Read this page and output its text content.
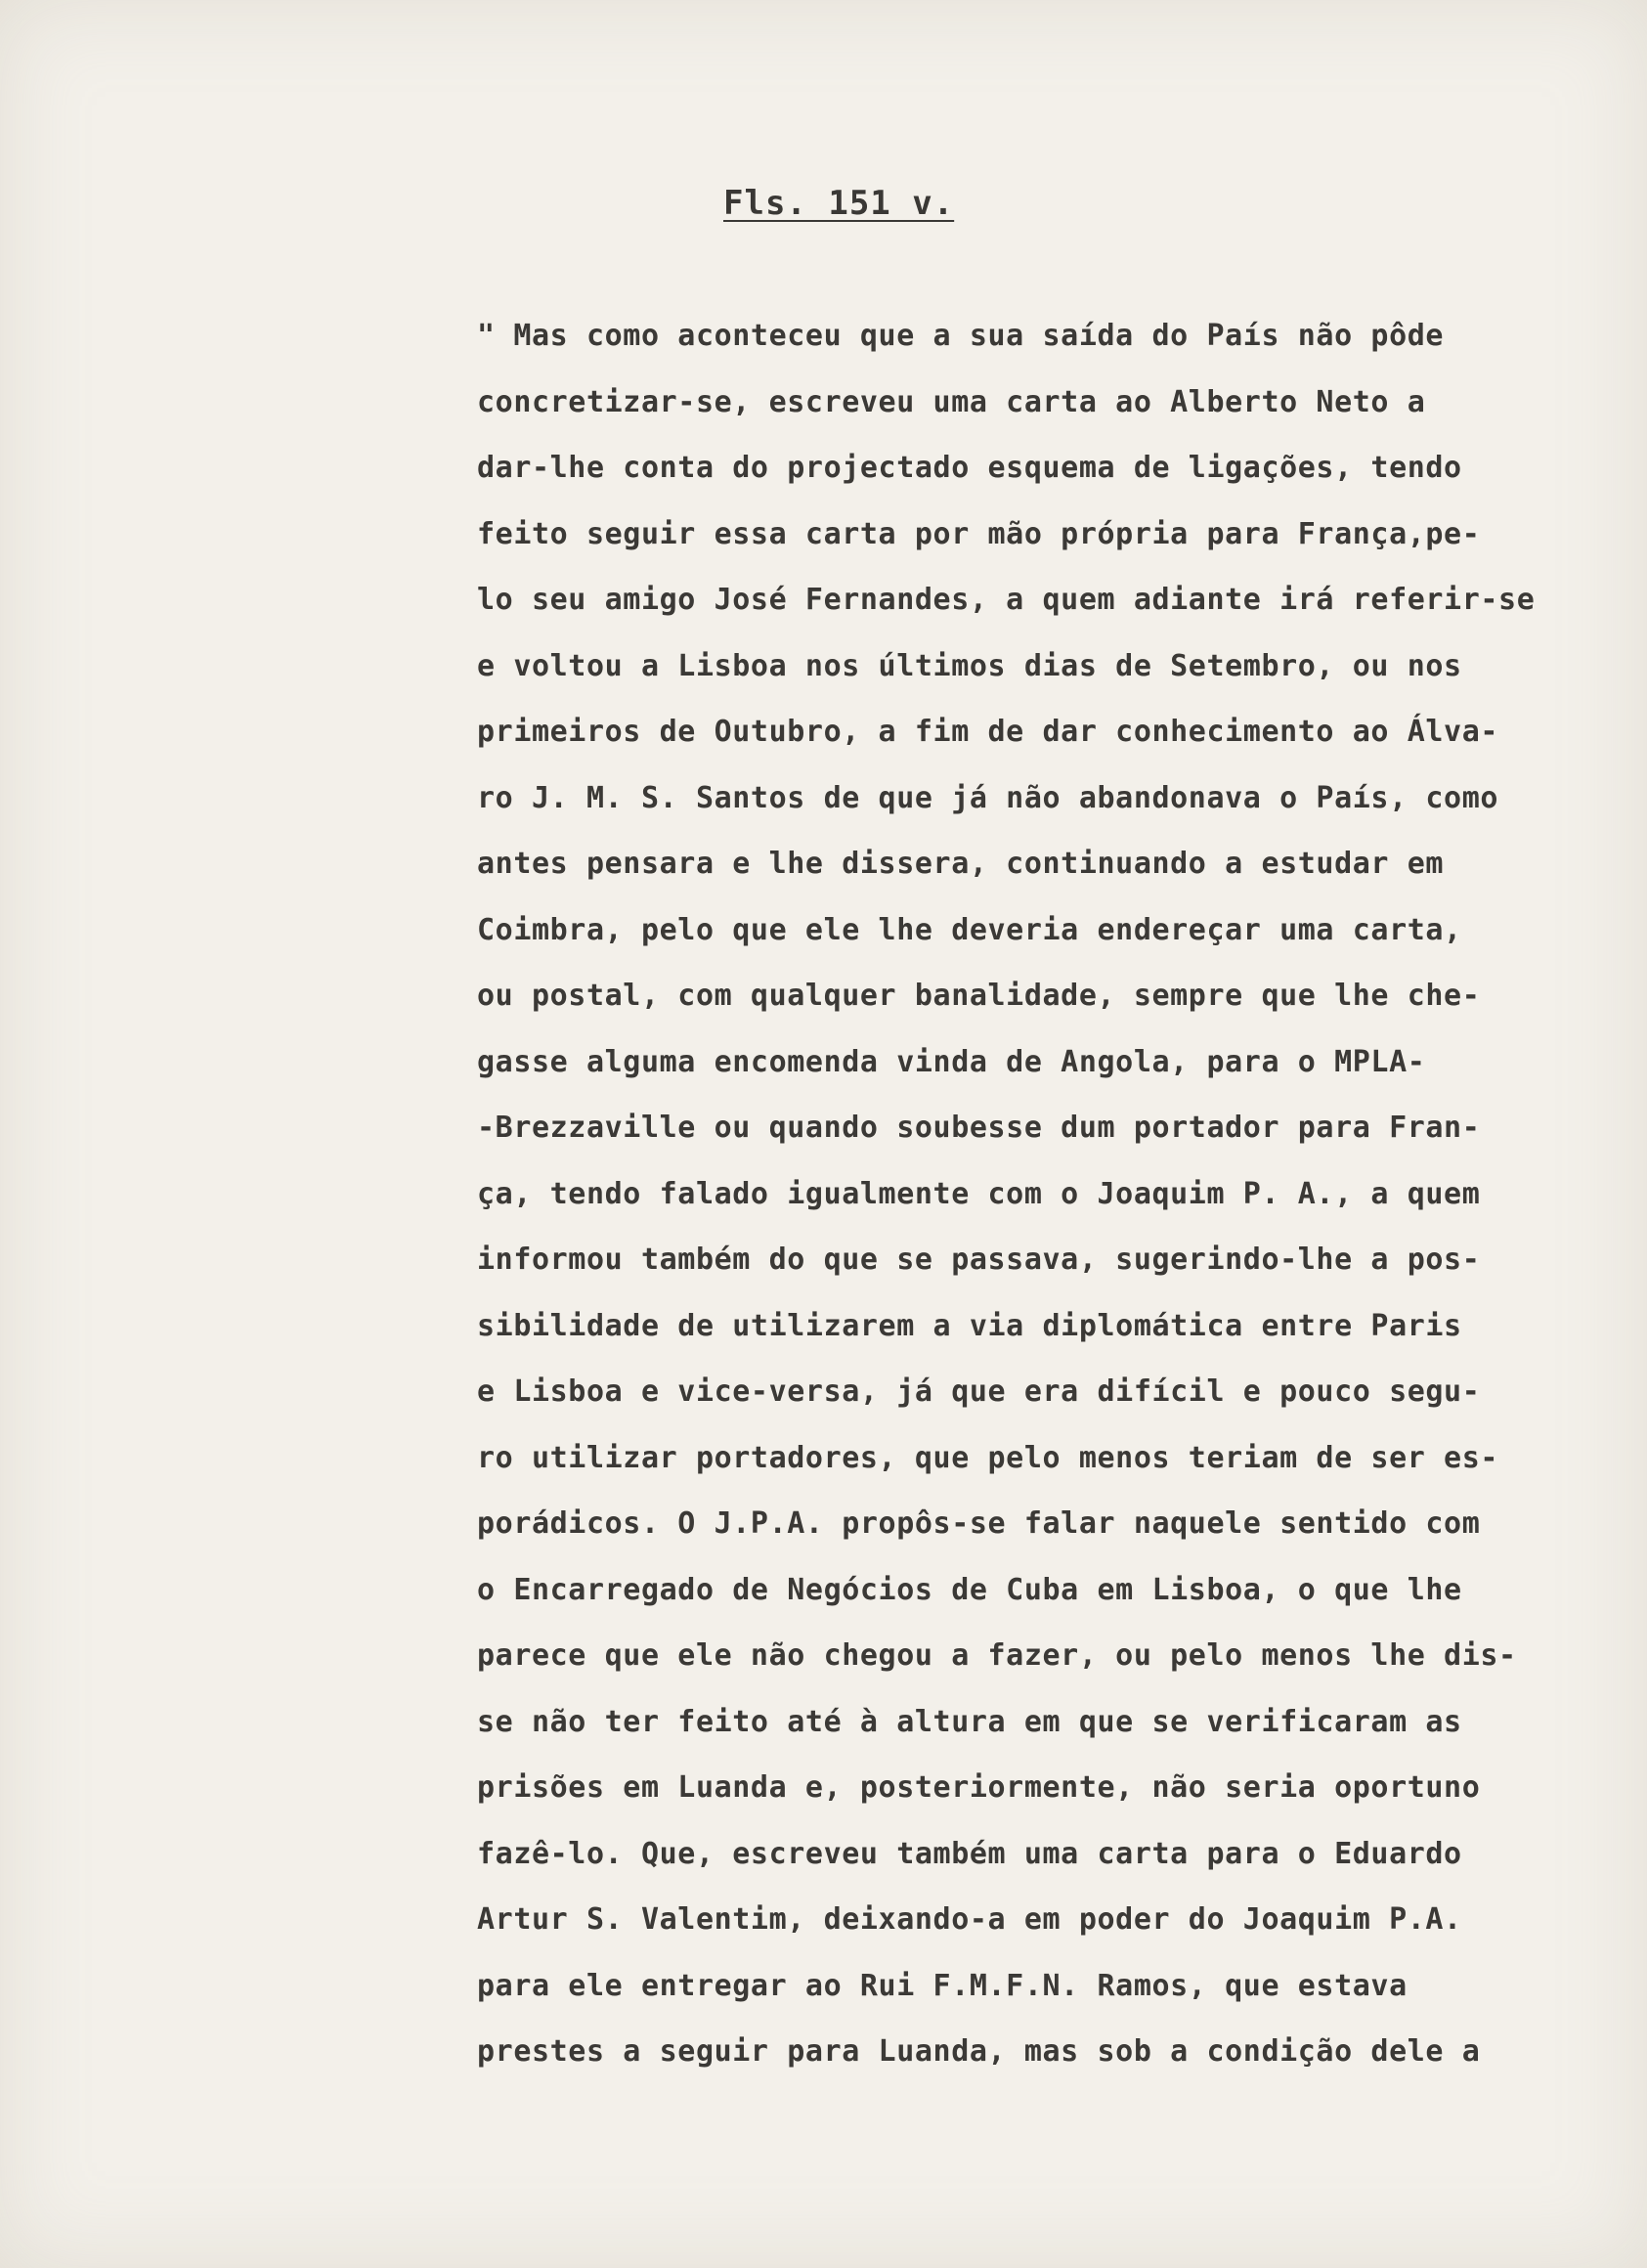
Fls. 151 v.
" Mas como aconteceu que a sua saída do País não pôde
concretizar-se, escreveu uma carta ao Alberto Neto a
dar-lhe conta do projectado esquema de ligações, tendo
feito seguir essa carta por mão própria para França,pe-
lo seu amigo José Fernandes, a quem adiante irá referir-se
e voltou a Lisboa nos últimos dias de Setembro, ou nos
primeiros de Outubro, a fim de dar conhecimento ao Álva-
ro J. M. S. Santos de que já não abandonava o País, como
antes pensara e lhe dissera, continuando a estudar em
Coimbra, pelo que ele lhe deveria endereçar uma carta,
ou postal, com qualquer banalidade, sempre que lhe che-
gasse alguma encomenda vinda de Angola, para o MPLA-
-Brezzaville ou quando soubesse dum portador para Fran-
ça, tendo falado igualmente com o Joaquim P. A., a quem
informou também do que se passava, sugerindo-lhe a pos-
sibilidade de utilizarem a via diplomática entre Paris
e Lisboa e vice-versa, já que era difícil e pouco segu-
ro utilizar portadores, que pelo menos teriam de ser es-
porádicos. O J.P.A. propôs-se falar naquele sentido com
o Encarregado de Negócios de Cuba em Lisboa, o que lhe
parece que ele não chegou a fazer, ou pelo menos lhe dis-
se não ter feito até à altura em que se verificaram as
prisões em Luanda e, posteriormente, não seria oportuno
fazê-lo. Que, escreveu também uma carta para o Eduardo
Artur S. Valentim, deixando-a em poder do Joaquim P.A.
para ele entregar ao Rui F.M.F.N. Ramos, que estava
prestes a seguir para Luanda, mas sob a condição dele a
